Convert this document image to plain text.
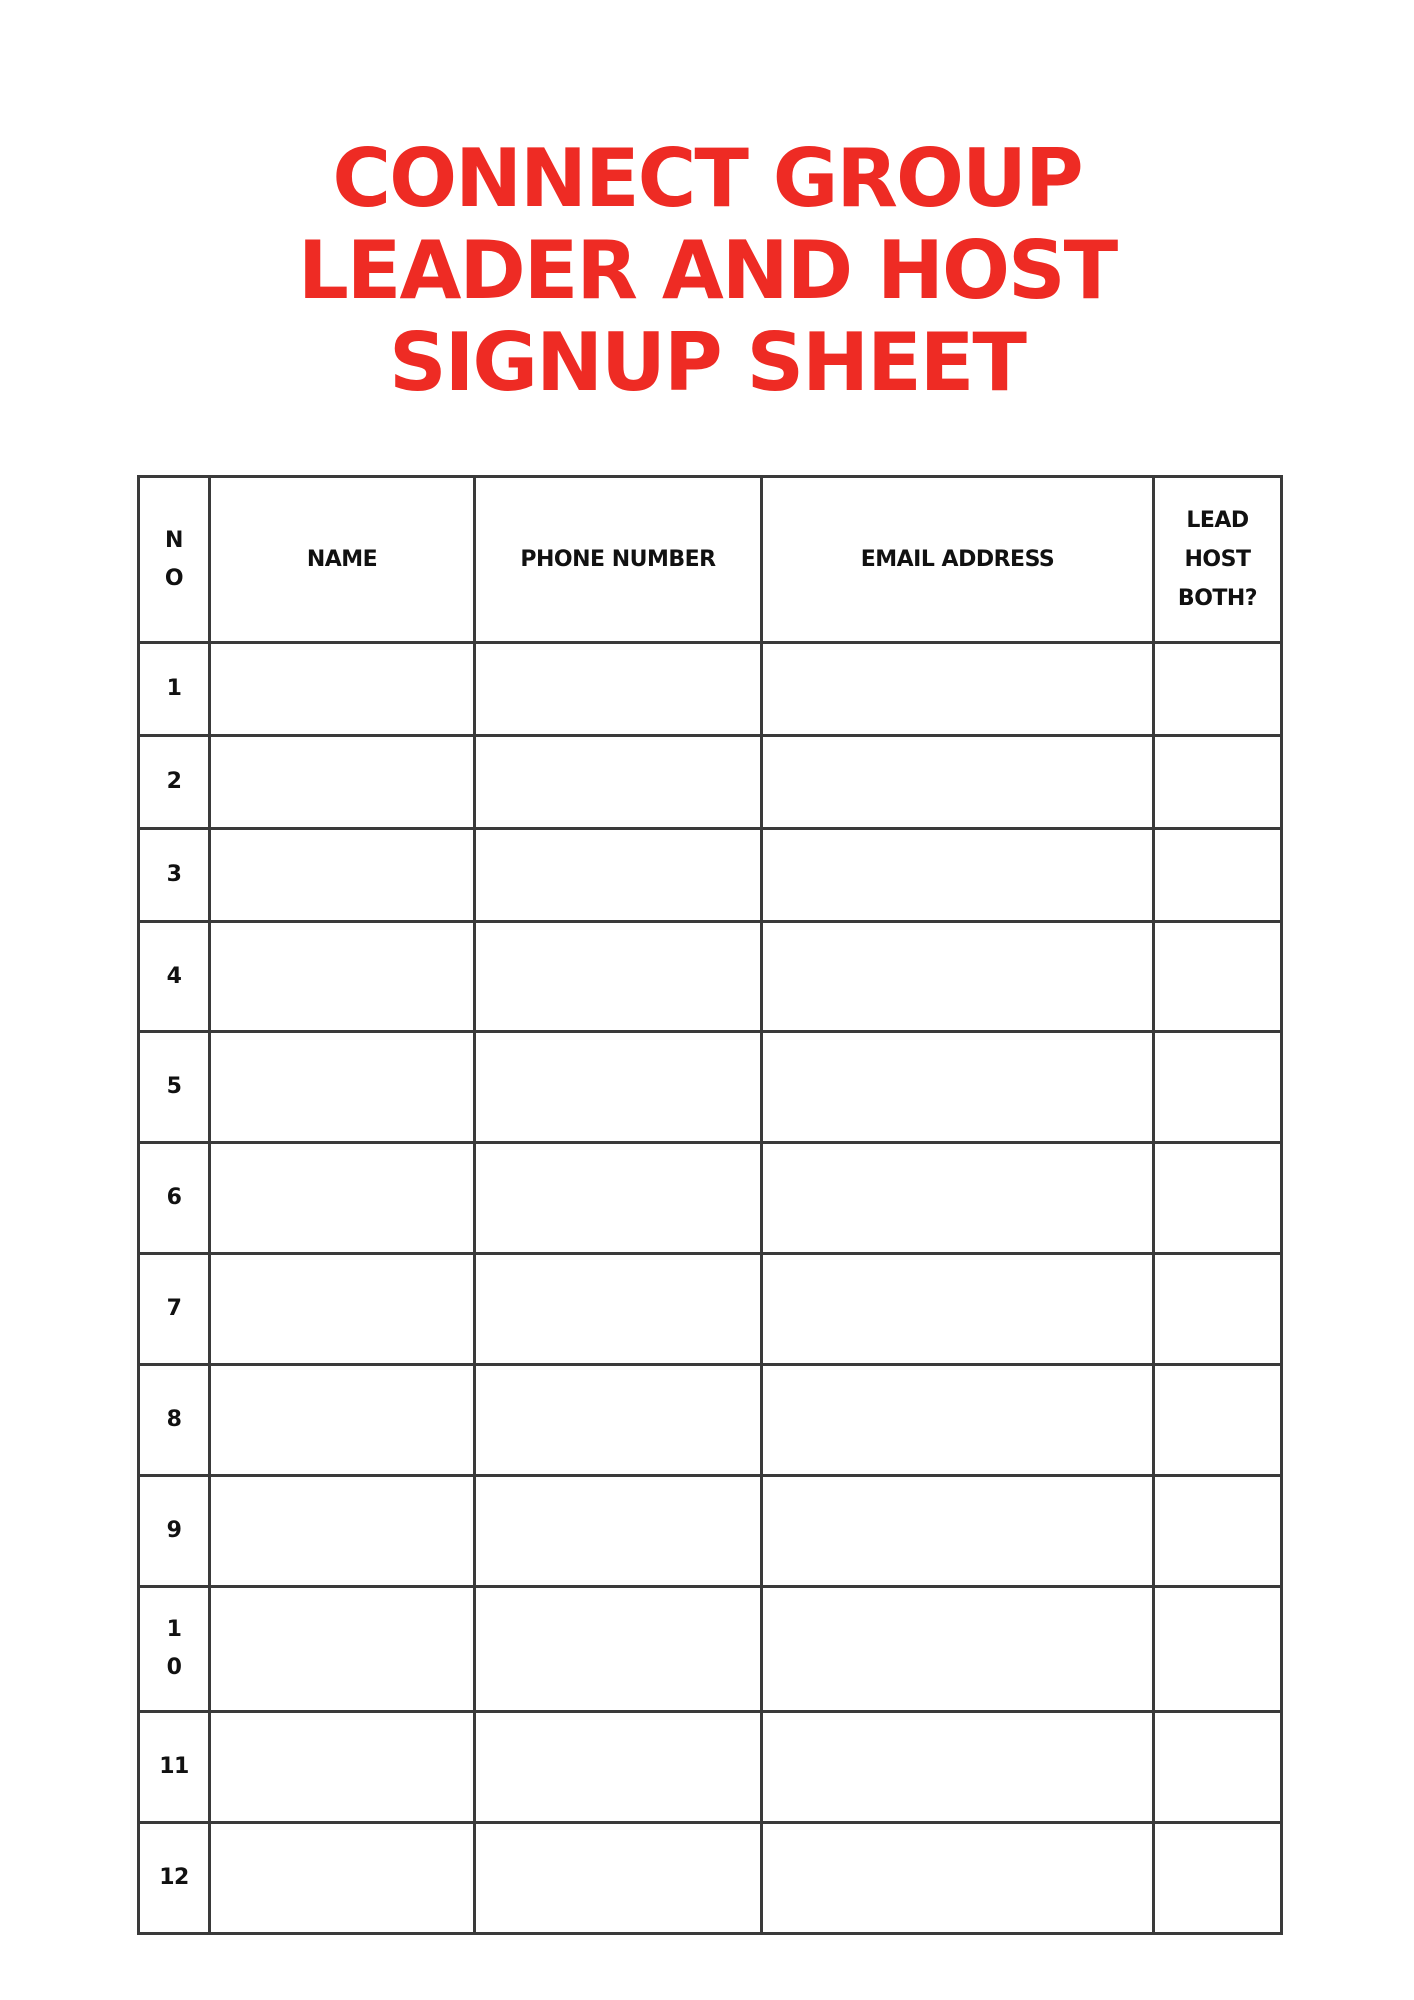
CONNECT GROUP
LEADER AND HOST
SIGNUP SHEET
NO	NAME	PHONE NUMBER	EMAIL ADDRESS	LEAD HOST BOTH?

1				

2				

3				

4				

5				

6				

7				

8				

9				

10				

11				

12				
